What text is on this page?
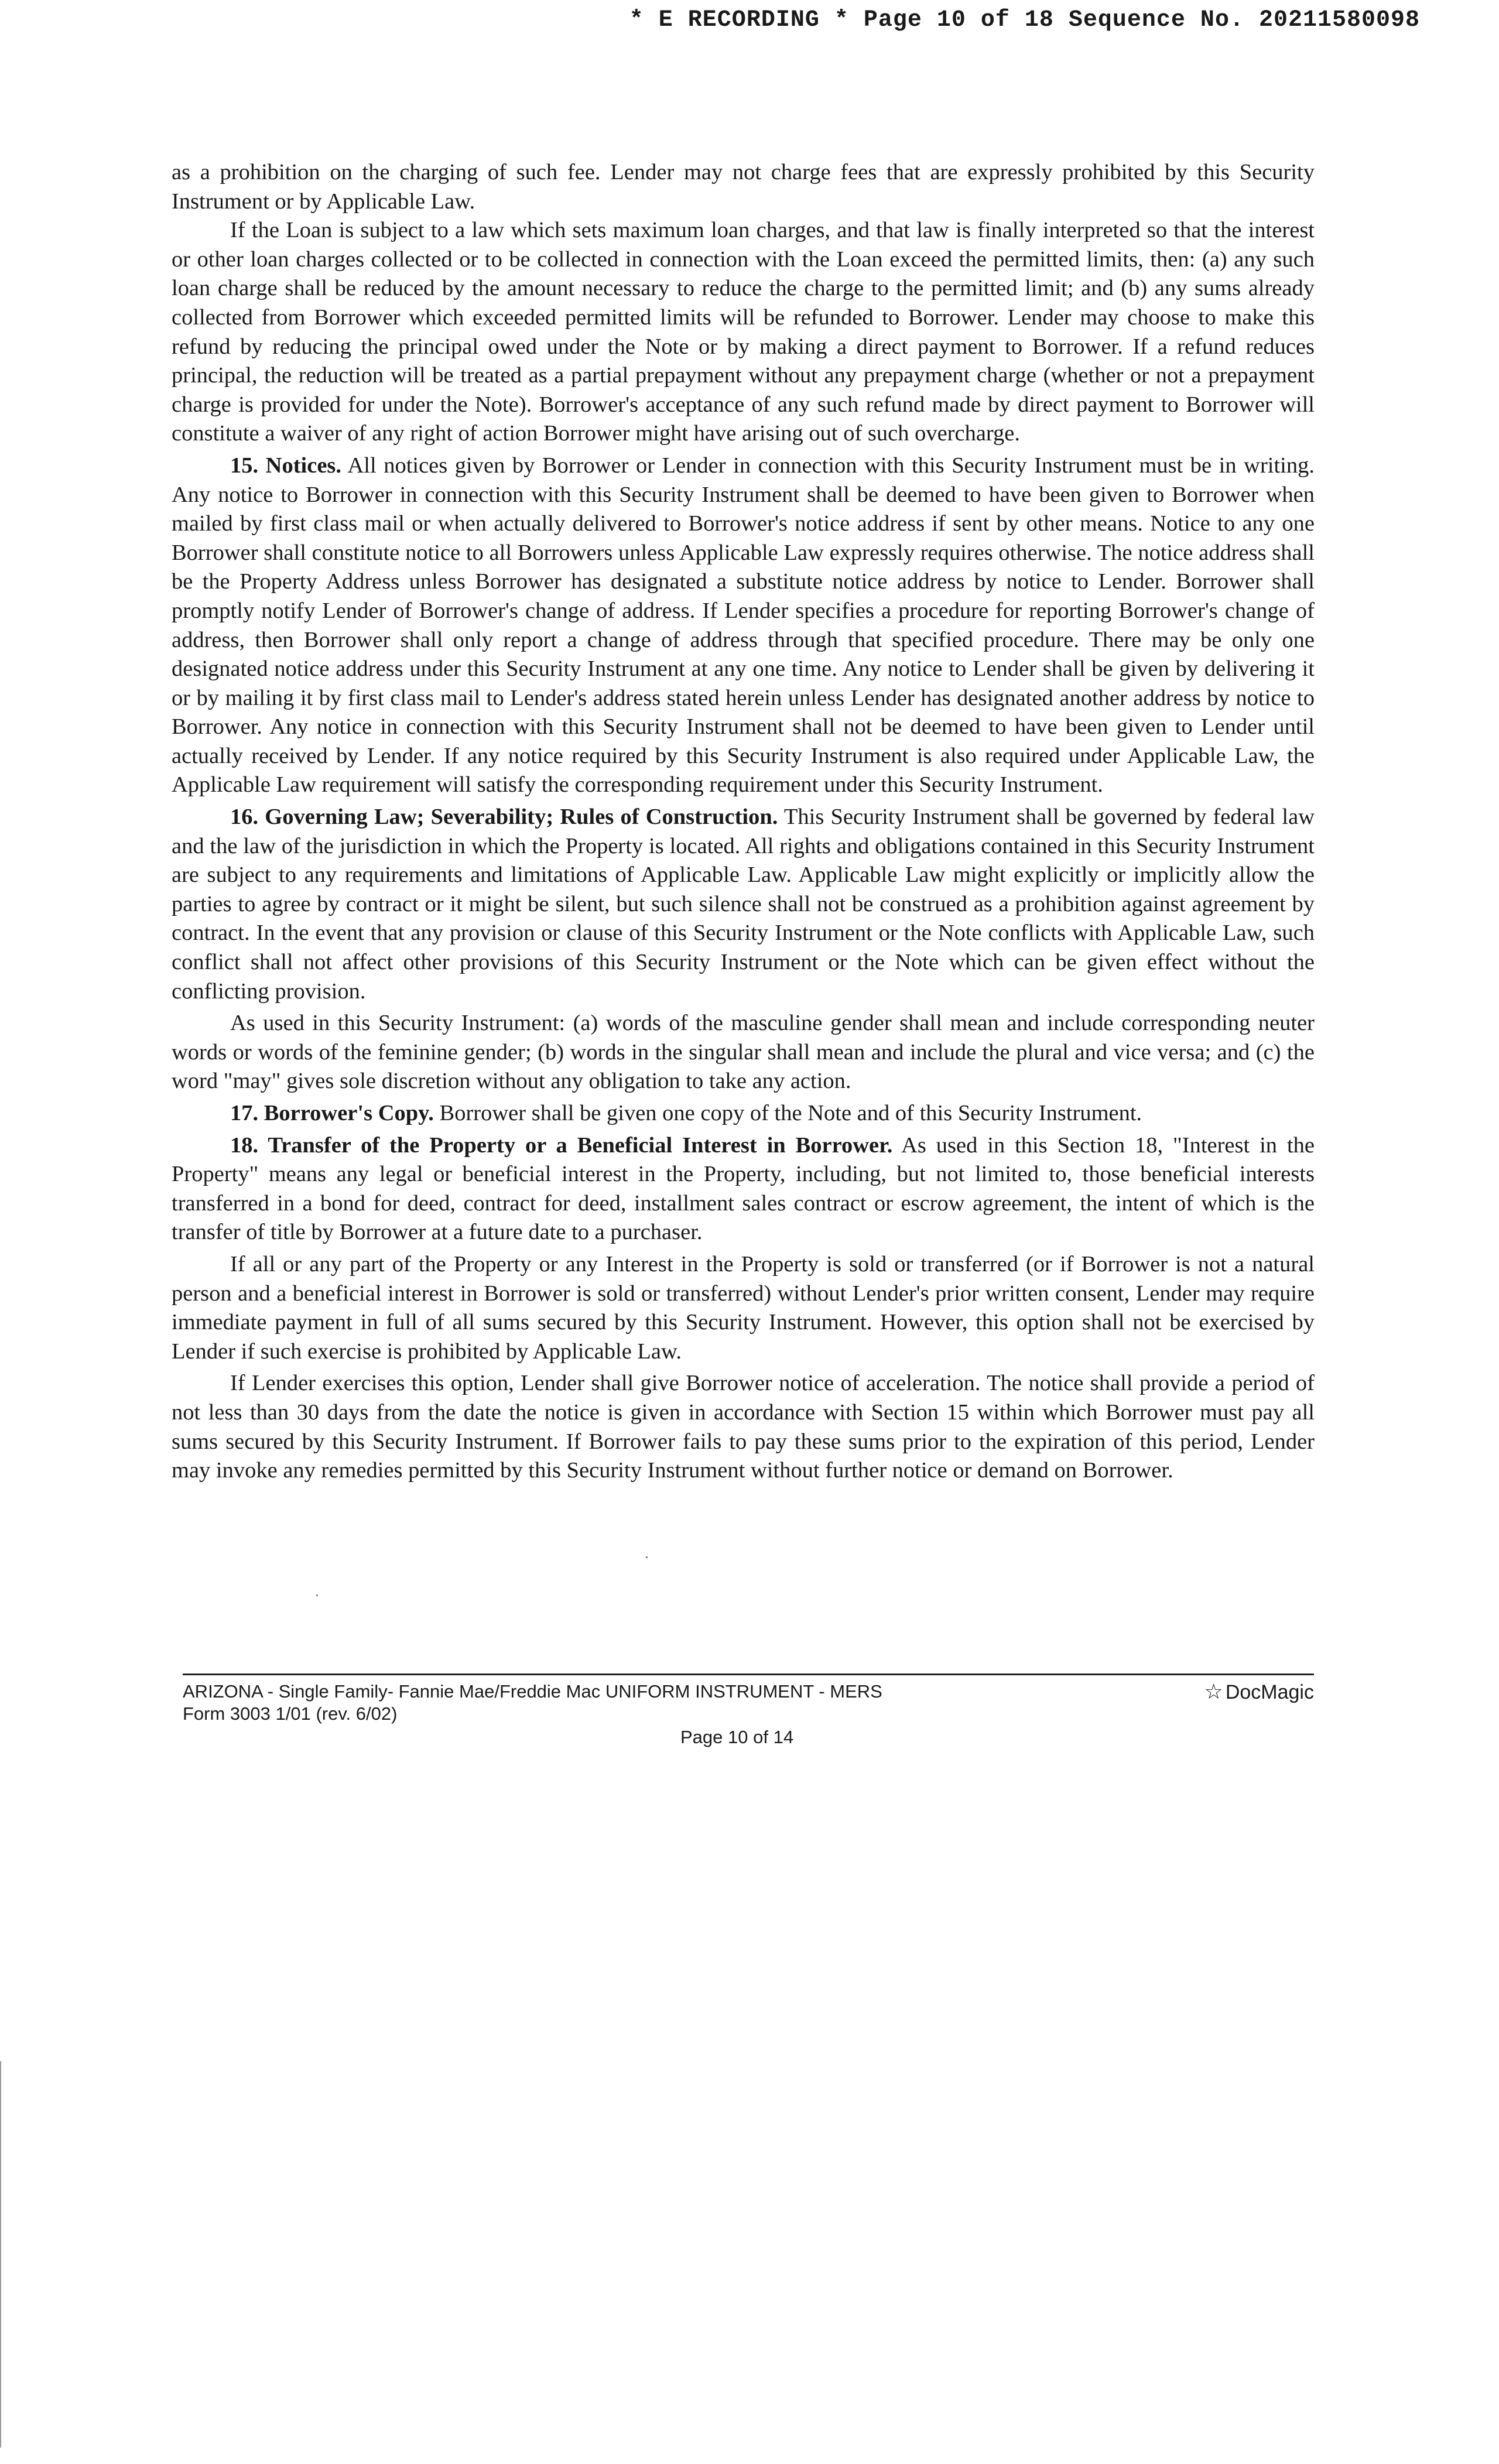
* E RECORDING * Page 10 of 18 Sequence No. 20211580098

as a prohibition on the charging of such fee. Lender may not charge fees that are expressly prohibited by this Security Instrument or by Applicable Law.

If the Loan is subject to a law which sets maximum loan charges, and that law is finally interpreted so that the interest or other loan charges collected or to be collected in connection with the Loan exceed the permitted limits, then: (a) any such loan charge shall be reduced by the amount necessary to reduce the charge to the permitted limit; and (b) any sums already collected from Borrower which exceeded permitted limits will be refunded to Borrower. Lender may choose to make this refund by reducing the principal owed under the Note or by making a direct payment to Borrower. If a refund reduces principal, the reduction will be treated as a partial prepayment without any prepayment charge (whether or not a prepayment charge is provided for under the Note). Borrower's acceptance of any such refund made by direct payment to Borrower will constitute a waiver of any right of action Borrower might have arising out of such overcharge.

15. Notices. All notices given by Borrower or Lender in connection with this Security Instrument must be in writing. Any notice to Borrower in connection with this Security Instrument shall be deemed to have been given to Borrower when mailed by first class mail or when actually delivered to Borrower's notice address if sent by other means. Notice to any one Borrower shall constitute notice to all Borrowers unless Applicable Law expressly requires otherwise. The notice address shall be the Property Address unless Borrower has designated a substitute notice address by notice to Lender. Borrower shall promptly notify Lender of Borrower's change of address. If Lender specifies a procedure for reporting Borrower's change of address, then Borrower shall only report a change of address through that specified procedure. There may be only one designated notice address under this Security Instrument at any one time. Any notice to Lender shall be given by delivering it or by mailing it by first class mail to Lender's address stated herein unless Lender has designated another address by notice to Borrower. Any notice in connection with this Security Instrument shall not be deemed to have been given to Lender until actually received by Lender. If any notice required by this Security Instrument is also required under Applicable Law, the Applicable Law requirement will satisfy the corresponding requirement under this Security Instrument.

16. Governing Law; Severability; Rules of Construction. This Security Instrument shall be governed by federal law and the law of the jurisdiction in which the Property is located. All rights and obligations contained in this Security Instrument are subject to any requirements and limitations of Applicable Law. Applicable Law might explicitly or implicitly allow the parties to agree by contract or it might be silent, but such silence shall not be construed as a prohibition against agreement by contract. In the event that any provision or clause of this Security Instrument or the Note conflicts with Applicable Law, such conflict shall not affect other provisions of this Security Instrument or the Note which can be given effect without the conflicting provision.

As used in this Security Instrument: (a) words of the masculine gender shall mean and include corresponding neuter words or words of the feminine gender; (b) words in the singular shall mean and include the plural and vice versa; and (c) the word "may" gives sole discretion without any obligation to take any action.

17. Borrower's Copy. Borrower shall be given one copy of the Note and of this Security Instrument.

18. Transfer of the Property or a Beneficial Interest in Borrower. As used in this Section 18, "Interest in the Property" means any legal or beneficial interest in the Property, including, but not limited to, those beneficial interests transferred in a bond for deed, contract for deed, installment sales contract or escrow agreement, the intent of which is the transfer of title by Borrower at a future date to a purchaser.

If all or any part of the Property or any Interest in the Property is sold or transferred (or if Borrower is not a natural person and a beneficial interest in Borrower is sold or transferred) without Lender's prior written consent, Lender may require immediate payment in full of all sums secured by this Security Instrument. However, this option shall not be exercised by Lender if such exercise is prohibited by Applicable Law.

If Lender exercises this option, Lender shall give Borrower notice of acceleration. The notice shall provide a period of not less than 30 days from the date the notice is given in accordance with Section 15 within which Borrower must pay all sums secured by this Security Instrument. If Borrower fails to pay these sums prior to the expiration of this period, Lender may invoke any remedies permitted by this Security Instrument without further notice or demand on Borrower.

ARIZONA - Single Family- Fannie Mae/Freddie Mac UNIFORM INSTRUMENT - MERS
Form 3003 1/01 (rev. 6/02)
Page 10 of 14
☆ DocMagic
